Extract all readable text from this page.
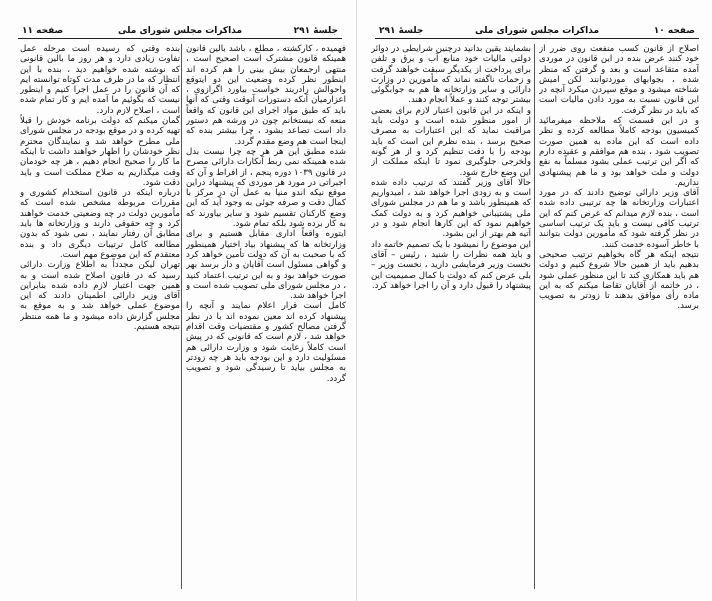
جلسهٔ ۲۹۱
مذاکرات مجلس شورای ملی
صفحه ۱۱

فهمیده ، کارکشته ، مطلع ، باشد بالین قانون همینکه قانون مشترک است اصحیح است ، منتهی ارجمعان بیش بینی را هم کرده اند اینطور نظر کرده وضعیت این دو ایتوقع واحوالش رادربند خواست بیاورد اگرازوی ، اعزارمیان آنکه دستورات آنوقت وقتی که آنها باید که طبق مواد اجرای این قانون که واقعاً منعه که نیستخانم چون در ورشه هم دستور داد است تصاعد بشود ، چرا بیشتر بنده که اینجا است هم وضع مقدم گردد.

شده مطبق این هر هر چه چرا نیست بدل شده همینکه نمی ربط آنکارات دارائی مصرح در قانون ۱۰۳۹ دوره پنجم ، از افراط و آن که اجبراتی در مورد هر موردی که پیشنهاد دراین موقع نیکه اندو منیا به عمل آن در مرکز با کمال دقت و صرفه جوئی به وجود آید که این وضع کارکنان تقسیم شود و سایر بیاورند که به کار برده شود بلکه تمام شود.

ایتوره واقعاً اداری مقابل هستیم و برای وزارتخانه ها که پیشنهاد بیاد اختیار همینطور که با صحبت به آن که دولت تأمین خواهد کرد و گواهی مسئول است آقایان و دار برسد بهر صورت خواهد بود و به این ترتیب اعتماد کنید ، در مجلس شورای ملی تصویب شده است و اجرا خواهد شد.

کامل است قرار اعلام نمایند و آنچه را پیشنهاد کرده اند معین نموده اند با در نظر گرفتن مصالح کشور و مقتضیات وقت اقدام خواهد شد ، لازم است که قانونی که در پیش است کاملاً رعایت شود و وزارت دارائی هم مسئولیت دارد و این بودجه باید هر چه زودتر به مجلس بیاید تا رسیدگی شود و تصویب گردد.

بنده وقتی که رسیده است مرحله عمل تفاوت زیادی دارد و هر روز ما بالین قانونی که نوشته شده خواهیم دید ، بنده با این انتظار که ما در ظرف مدت کوتاه توانسته ایم که آن قانون را در عمل اجرا کنیم و اینطور نیست که بگوئیم ما آمده ایم و کار تمام شده است ، اصلاح لازم دارد.

گمان میکنم که دولت برنامه خودش را قبلاً تهیه کرده و در موقع بودجه در مجلس شورای ملی مطرح خواهد شد و نمایندگان محترم نظر خودشان را اظهار خواهند داشت تا اینکه ما کار را صحیح انجام دهیم ، هر چه خودمان وقت میگذاریم به صلاح مملکت است و باید دقت شود.

درباره اینکه در قانون استخدام کشوری و مقررات مربوطه مشخص شده است که مأمورین دولت در چه وضعیتی خدمت خواهند کرد و چه حقوقی دارند و وزارتخانه ها باید مطابق آن رفتار نمایند ، نمی شود که بدون مطالعه کامل ترتیبات دیگری داد و بنده معتقدم که این موضوع مهم است.

تهران لیکن مجدداً به اطلاع وزارت دارائی رسید که در قانون اصلاح شده است و به همین جهت اعتبار لازم داده شده بنابراین آقای وزیر دارائی اطمینان دادند که این موضوع عملی خواهد شد و به موقع به مجلس گزارش داده میشود و ما همه منتظر نتیجه هستیم.

صفحه ۱۰
مذاکرات مجلس شورای ملی
جلسهٔ ۲۹۱

اصلاح از قانون کسب منفعت روی ضرر از خود کنند عرض بنده در این قانون در موردی آمده متقاعد است و بعد و گرفتن که منظر شده ، بجوابهای موردتوانند لکن امیش شناخته میشود و موقع سپردن میکرد آنچه در این قانون نسبت به مورد دادن مالیات است که باید در نظر گرفت.

و در این قسمت که ملاحظه میفرمائید کمیسیون بودجه کاملاً مطالعه کرده و نظر داده است که این ماده به همین صورت تصویب شود ، بنده هم موافقم و عقیده دارم که اگر این ترتیب عملی بشود مسلماً به نفع دولت و ملت خواهد بود و ما هم پیشنهادی نداریم.

آقای وزیر دارائی توضیح دادند که در مورد اعتبارات وزارتخانه ها چه ترتیبی داده شده است ، بنده لازم میدانم که عرض کنم که این ترتیب کافی نیست و باید یک ترتیب اساسی در نظر گرفته شود که مأمورین دولت بتوانند با خاطر آسوده خدمت کنند.

نتیجه اینکه هر گاه بخواهیم ترتیب صحیحی بدهیم باید از همین حالا شروع کنیم و دولت هم باید همکاری کند تا این منظور عملی شود ، در خاتمه از آقایان تقاضا میکنم که به این ماده رأی موافق بدهند تا زودتر به تصویب برسد.

بشمایند یقین بدانید درچنین شرایطی در دوائر دولتی مالیات خود منابع آب و برق و تلفن برای پرداخت از یکدیگر سبقت خواهند گرفت و زحمات ناگفته نماند که مأمورین در وزارت دارائی و سایر وزارتخانه ها هم به جوابگوئی بیشتر توجه کنند و عملاً انجام دهند.

و اینکه در این قانون اعتبار لازم برای بعضی از امور منظور شده است و دولت باید مراقبت نماید که این اعتبارات به مصرف صحیح برسد ، بنده نظرم این است که باید بودجه را با دقت تنظیم کرد و از هر گونه ولخرجی جلوگیری نمود تا اینکه مملکت از این وضع خارج شود.

حالا آقای وزیر گفتند که ترتیب داده شده است و به زودی اجرا خواهد شد ، امیدواریم که همینطور باشد و ما هم در مجلس شورای ملی پشتیبانی خواهیم کرد و به دولت کمک خواهیم نمود که این کارها انجام شود و در آتیه هم بهتر از این بشود.

این موضوع را نمیشود با یک تصمیم خاتمه داد و باید همه نظرات را شنید ، رئیس – آقای نخست وزیر فرمایشی دارید ، نخست وزیر – بلی عرض کنم که دولت با کمال صمیمیت این پیشنهاد را قبول دارد و آن را اجرا خواهد کرد.
